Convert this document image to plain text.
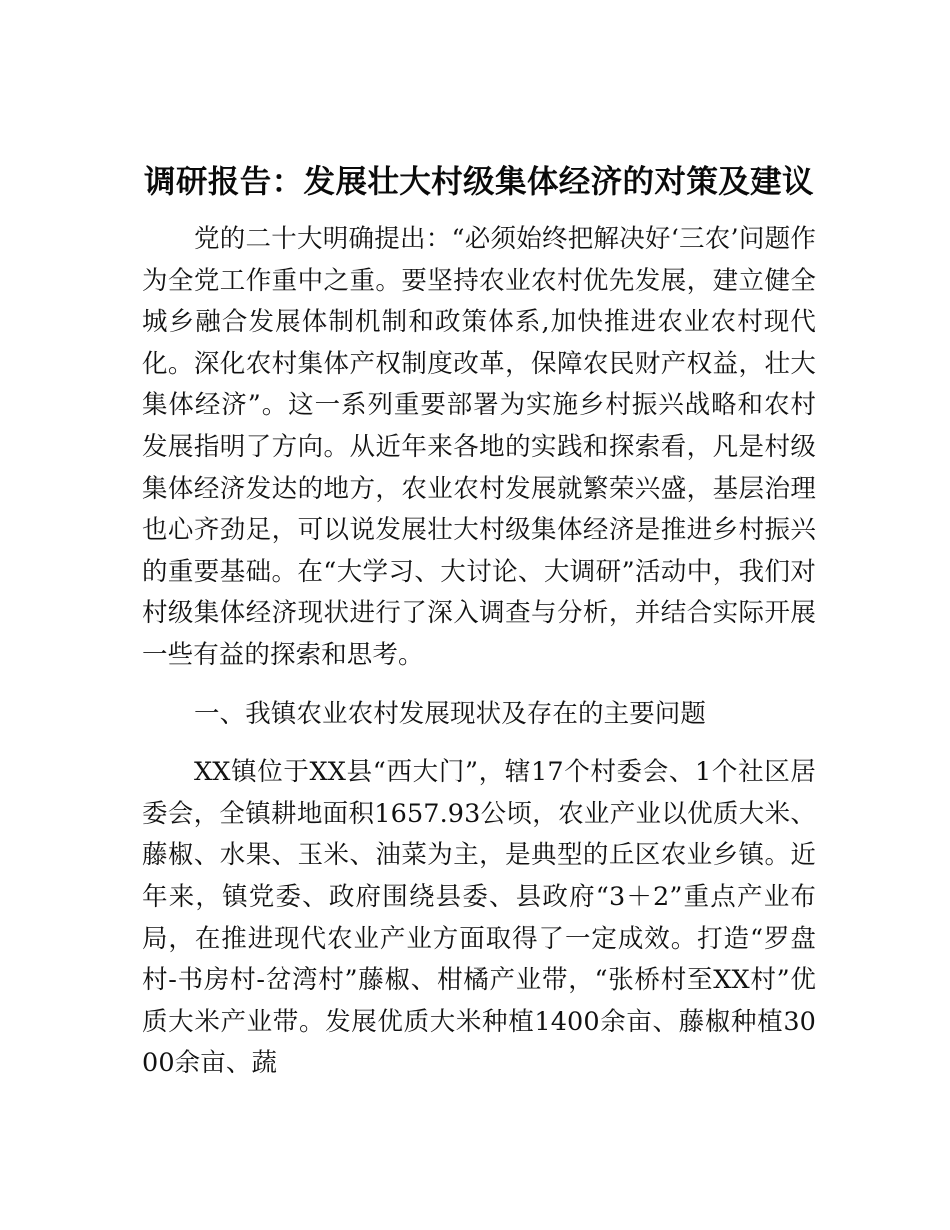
调研报告：发展壮大村级集体经济的对策及建议

党的二十大明确提出：“必须始终把解决好‘三农’问题作为全党工作重中之重。要坚持农业农村优先发展，建立健全城乡融合发展体制机制和政策体系,加快推进农业农村现代化。深化农村集体产权制度改革，保障农民财产权益，壮大集体经济”。这一系列重要部署为实施乡村振兴战略和农村发展指明了方向。从近年来各地的实践和探索看，凡是村级集体经济发达的地方，农业农村发展就繁荣兴盛，基层治理也心齐劲足，可以说发展壮大村级集体经济是推进乡村振兴的重要基础。在“大学习、大讨论、大调研”活动中，我们对村级集体经济现状进行了深入调查与分析，并结合实际开展一些有益的探索和思考。

一、我镇农业农村发展现状及存在的主要问题

XX镇位于XX县“西大门”，辖17个村委会、1个社区居委会，全镇耕地面积1657.93公顷，农业产业以优质大米、藤椒、水果、玉米、油菜为主，是典型的丘区农业乡镇。近年来，镇党委、政府围绕县委、县政府“3＋2”重点产业布局，在推进现代农业产业方面取得了一定成效。打造“罗盘村-书房村-岔湾村”藤椒、柑橘产业带，“张桥村至XX村”优质大米产业带。发展优质大米种植1400余亩、藤椒种植3000余亩、蔬
